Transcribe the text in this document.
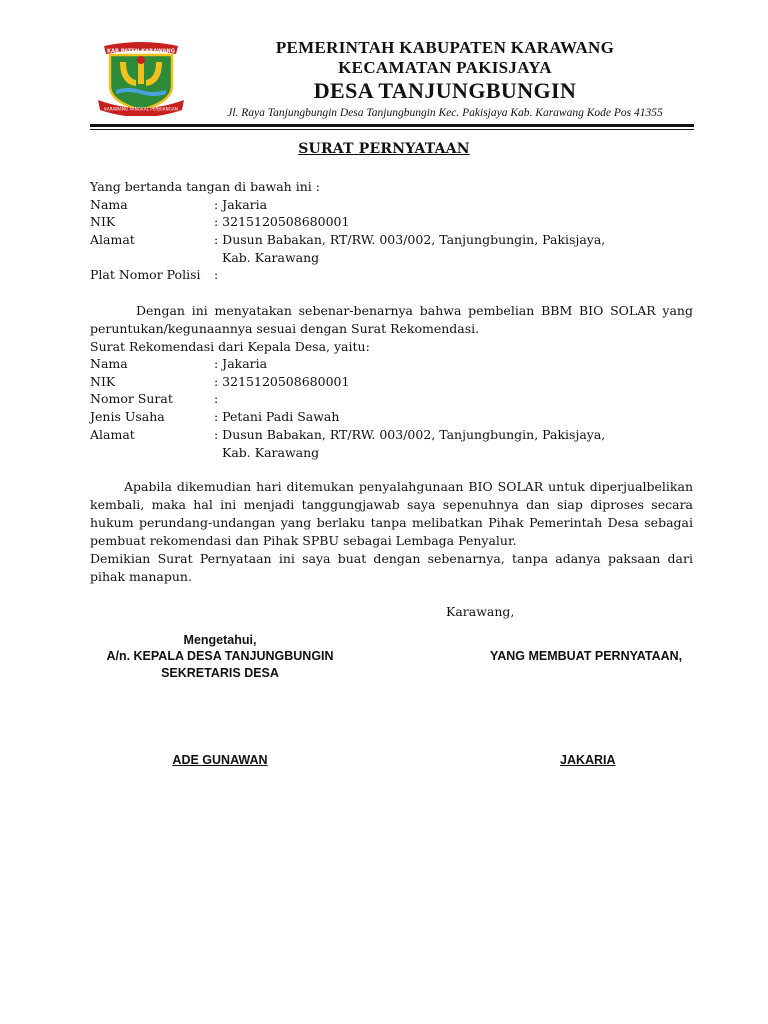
KAB.PATEN KARAWANG
KARAWANG PANGKAL PERJUANGAN
PEMERINTAH KABUPATEN KARAWANG
KECAMATAN PAKISJAYA
DESA TANJUNGBUNGIN
Jl. Raya Tanjungbungin Desa Tanjungbungin Kec. Pakisjaya Kab. Karawang Kode Pos 41355
SURAT PERNYATAAN
Yang bertanda tangan di bawah ini :
Nama	: Jakaria
NIK	: 3215120508680001
Alamat	: Dusun Babakan, RT/RW. 003/002, Tanjungbungin, Pakisjaya,
Kab. Karawang
Plat Nomor Polisi :
Dengan ini menyatakan sebenar-benarnya bahwa pembelian BBM BIO SOLAR yang peruntukan/kegunaannya sesuai dengan Surat Rekomendasi.
Surat Rekomendasi dari Kepala Desa, yaitu:
Nama	: Jakaria
NIK	: 3215120508680001
Nomor Surat	:
Jenis Usaha	: Petani Padi Sawah
Alamat	: Dusun Babakan, RT/RW. 003/002, Tanjungbungin, Pakisjaya,
Kab. Karawang
Apabila dikemudian hari ditemukan penyalahgunaan BIO SOLAR untuk diperjualbelikan kembali, maka hal ini menjadi tanggungjawab saya sepenuhnya dan siap diproses secara hukum perundang-undangan yang berlaku tanpa melibatkan Pihak Pemerintah Desa sebagai pembuat rekomendasi dan Pihak SPBU sebagai Lembaga Penyalur.
Demikian Surat Pernyataan ini saya buat dengan sebenarnya, tanpa adanya paksaan dari pihak manapun.
Karawang,
Mengetahui,
A/n. KEPALA DESA TANJUNGBUNGIN
SEKRETARIS DESA
ADE GUNAWAN
YANG MEMBUAT PERNYATAAN,
JAKARIA
